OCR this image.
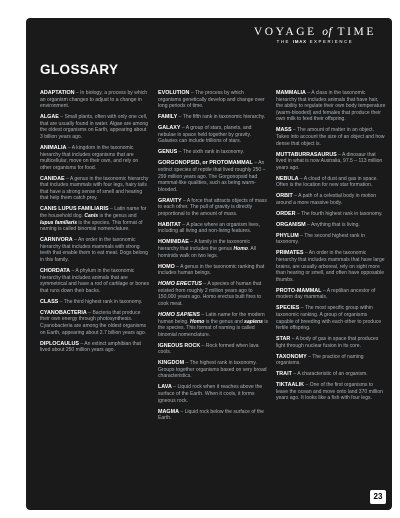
VOYAGE of TIME
THE IMAX EXPERIENCE
GLOSSARY
ADAPTATION – In biology, a process by which an organism changes to adjust to a change in environment.
ALGAE – Small plants, often with only one cell, that are usually found in water. Algae are among the oldest organisms on Earth, appearing about 3 billion years ago.
ANIMALIA – A kingdom in the taxonomic hierarchy that includes organisms that are multicellular, move on their own, and rely on other organisms for food.
CANIDAE – A genus in the taxonomic hierarchy that includes mammals with four legs, hairy tails that have a strong sense of smell and hearing that help them catch prey.
CANIS LUPUS FAMILIARIS – Latin name for the household dog. Canis is the genus and lupus familiaris is the species. This format of naming is called binomial nomenclature.
CARNIVORA – An order in the taxonomic hierarchy that includes mammals with strong teeth that enable them to eat meat. Dogs belong in this family.
CHORDATA – A phylum in the taxonomic hierarchy that includes animals that are symmetrical and have a rod of cartilage or bones that runs down their backs.
CLASS – The third highest rank in taxonomy.
CYANOBACTERIA – Bacteria that produce their own energy through photosynthesis. Cyanobacteria are among the oldest organisms on Earth, appearing about 2.7 billion years ago.
DIPLOCAULUS – An extinct amphibian that lived about 250 million years ago.
EVOLUTION – The process by which organisms genetically develop and change over long periods of time.
FAMILY – The fifth rank in taxonomic hierarchy.
GALAXY – A group of stars, planets, and nebulae in space held together by gravity. Galaxies can include trillions of stars.
GENUS – The sixth rank in taxonomy.
GORGONOPSID, or PROTOMAMMAL – An extinct species of reptile that lived roughly 250 – 299 million years ago. The Gorgonopsid had mammal-like qualities, such as being warm-blooded.
GRAVITY – A force that attracts objects of mass to each other. The pull of gravity is directly proportional to the amount of mass.
HABITAT – A place where an organism lives, including all living and non-living features.
HOMINIDAE – A family in the taxonomic hierarchy that includes the genus Homo. All hominids walk on two legs.
HOMO – A genus in the taxonomic ranking that includes human beings.
HOMO ERECTUS – A species of human that existed from roughly 2 million years ago to 150,000 years ago. Homo erectus built fires to cook meat.
HOMO SAPIENS – Latin name for the modern human being. Homo is the genus and sapiens is the species. This format of naming is called binomial nomenclature.
IGNEOUS ROCK – Rock formed when lava cools.
KINGDOM – The highest rank in taxonomy. Groups together organisms based on very broad characteristics.
LAVA – Liquid rock when it reaches above the surface of the Earth. When it cools, it forms igneous rock.
MAGMA – Liquid rock below the surface of the Earth.
MAMMALIA – A class in the taxonomic hierarchy that includes animals that have hair, the ability to regulate their own body temperature (warm-blooded) and females that produce their own milk to feed their offspring.
MASS – The amount of matter in an object. Takes into account the size of an object and how dense that object is.
MUTTABURRASAURUS – A dinosaur that lived in what is now Australia, 97.5 – 113 million years ago.
NEBULA – A cloud of dust and gas in space. Often is the location for new star formation.
ORBIT – A path of a celestial body in motion around a more massive body.
ORDER – The fourth highest rank in taxonomy.
ORGANISM – Anything that is living.
PHYLUM – The second highest rank in taxonomy.
PRIMATES – An order in the taxonomic hierarchy that includes mammals that have large brains, are usually arboreal, rely on sight more than hearing or smell, and often have opposable thumbs.
PROTO-MAMMAL – A reptilian ancestor of modern day mammals.
SPECIES – The most specific group within taxonomic ranking. A group of organisms capable of breeding with each other to produce fertile offspring.
STAR – A body of gas in space that produces light through nuclear fusion in its core.
TAXONOMY – The practice of naming organisms.
TRAIT – A characteristic of an organism.
TIKTAALIK – One of the first organisms to leave the ocean and move onto land 370 million years ago. It looks like a fish with four legs.
23
